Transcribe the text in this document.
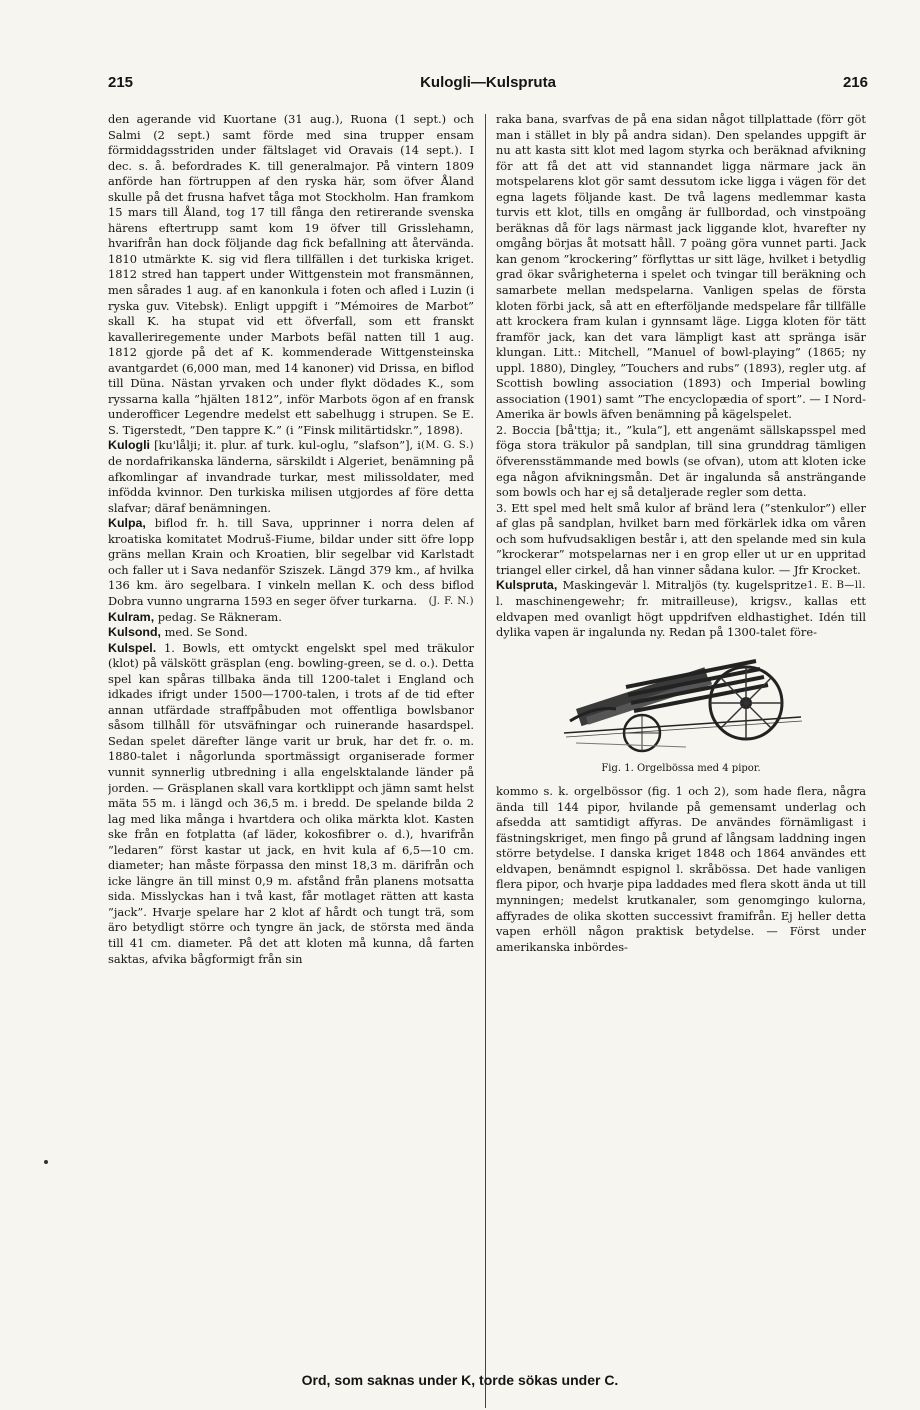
215	Kulogli—Kulspruta	216

den agerande vid Kuortane (31 aug.), Ruona (1 sept.) och Salmi (2 sept.) samt förde med sina trupper ensam förmiddagsstriden under fältslaget vid Oravais (14 sept.). I dec. s. å. befordrades K. till generalmajor. På vintern 1809 anförde han förtruppen af den ryska här, som öfver Åland skulle på det frusna hafvet tåga mot Stockholm. Han framkom 15 mars till Åland, tog 17 till fånga den retirerande svenska härens eftertrupp samt kom 19 öfver till Grisslehamn, hvarifrån han dock följande dag fick befallning att återvända. 1810 utmärkte K. sig vid flera tillfällen i det turkiska kriget. 1812 stred han tappert under Wittgenstein mot fransmännen, men sårades 1 aug. af en kanonkula i foten och afled i Luzin (i ryska guv. Vitebsk). Enligt uppgift i ”Mémoires de Marbot” skall K. ha stupat vid ett öfverfall, som ett franskt kavalleriregemente under Marbots befäl natten till 1 aug. 1812 gjorde på det af K. kommenderade Wittgensteinska avantgardet (6,000 man, med 14 kanoner) vid Drissa, en biflod till Düna. Nästan yrvaken och under flykt dödades K., som ryssarna kalla ”hjälten 1812”, inför Marbots ögon af en fransk underofficer Legendre medelst ett sabelhugg i strupen. Se E. S. Tigerstedt, ”Den tappre K.” (i ”Finsk militärtidskr.”, 1898).
(M. G. S.)

Kulogli [ku'lålji; it. plur. af turk. kul-oglu, ”slafson”], i de nordafrikanska länderna, särskildt i Algeriet, benämning på afkomlingar af invandrade turkar, mest milissoldater, med infödda kvinnor. Den turkiska milisen utgjordes af före detta slafvar; däraf benämningen.

Kulpa, biflod fr. h. till Sava, upprinner i norra delen af kroatiska komitatet Modruš-Fiume, bildar under sitt öfre lopp gräns mellan Krain och Kroatien, blir segelbar vid Karlstadt och faller ut i Sava nedanför Sziszek. Längd 379 km., af hvilka 136 km. äro segelbara. I vinkeln mellan K. och dess biflod Dobra vunno ungrarna 1593 en seger öfver turkarna. (J. F. N.)

Kulram, pedag. Se Räkneram.

Kulsond, med. Se Sond.

Kulspel. 1. Bowls, ett omtyckt engelskt spel med träkulor (klot) på välskött gräsplan (eng. bowling-green, se d. o.). Detta spel kan spåras tillbaka ända till 1200-talet i England och idkades ifrigt under 1500—1700-talen, i trots af de tid efter annan utfärdade straffpåbuden mot offentliga bowlsbanor såsom tillhåll för utsväfningar och ruinerande hasardspel. Sedan spelet därefter länge varit ur bruk, har det fr. o. m. 1880-talet i någorlunda sportmässigt organiserade former vunnit synnerlig utbredning i alla engelsktalande länder på jorden. — Gräsplanen skall vara kortklippt och jämn samt helst mäta 55 m. i längd och 36,5 m. i bredd. De spelande bilda 2 lag med lika många i hvartdera och olika märkta klot. Kasten ske från en fotplatta (af läder, kokosfibrer o. d.), hvarifrån ”ledaren” först kastar ut jack, en hvit kula af 6,5—10 cm. diameter; han måste förpassa den minst 18,3 m. därifrån och icke längre än till minst 0,9 m. afstånd från planens motsatta sida. Misslyckas han i två kast, får motlaget rätten att kasta ”jack”. Hvarje spelare har 2 klot af hårdt och tungt trä, som äro betydligt större och tyngre än jack, de största med ända till 41 cm. diameter. På det att kloten må kunna, då farten saktas, afvika bågformigt från sin

raka bana, svarfvas de på ena sidan något tillplattade (förr göt man i stället in bly på andra sidan). Den spelandes uppgift är nu att kasta sitt klot med lagom styrka och beräknad afvikning för att få det att vid stannandet ligga närmare jack än motspelarens klot gör samt dessutom icke ligga i vägen för det egna lagets följande kast. De två lagens medlemmar kasta turvis ett klot, tills en omgång är fullbordad, och vinstpoäng beräknas då för lags närmast jack liggande klot, hvarefter ny omgång börjas åt motsatt håll. 7 poäng göra vunnet parti. Jack kan genom ”krockering” förflyttas ur sitt läge, hvilket i betydlig grad ökar svårigheterna i spelet och tvingar till beräkning och samarbete mellan medspelarna. Vanligen spelas de första kloten förbi jack, så att en efterföljande medspelare får tillfälle att krockera fram kulan i gynnsamt läge. Ligga kloten för tätt framför jack, kan det vara lämpligt kast att spränga isär klungan. Litt.: Mitchell, ”Manuel of bowl-playing” (1865; ny uppl. 1880), Dingley, ”Touchers and rubs” (1893), regler utg. af Scottish bowling association (1893) och Imperial bowling association (1901) samt ”The encyclopædia of sport”. — I Nord-Amerika är bowls äfven benämning på kägelspelet.

2. Boccia [bå'ttja; it., ”kula”], ett angenämt sällskapsspel med föga stora träkulor på sandplan, till sina grunddrag tämligen öfverensstämmande med bowls (se ofvan), utom att kloten icke ega någon afvikningsmån. Det är ingalunda så ansträngande som bowls och har ej så detaljerade regler som detta.

3. Ett spel med helt små kulor af bränd lera (”stenkulor”) eller af glas på sandplan, hvilket barn med förkärlek idka om våren och som hufvudsakligen består i, att den spelande med sin kula ”krockerar” motspelarnas ner i en grop eller ut ur en uppritad triangel eller cirkel, då han vinner sådana kulor. — Jfr Krocket.
1. E. B—ll.

Kulspruta, Maskingevär l. Mitraljös (ty. kugelspritze l. maschinengewehr; fr. mitrailleuse), krigsv., kallas ett eldvapen med ovanligt högt uppdrifven eldhastighet. Idén till dylika vapen är ingalunda ny. Redan på 1300-talet före-

Fig. 1. Orgelbössa med 4 pipor.

kommo s. k. orgelbössor (fig. 1 och 2), som hade flera, några ända till 144 pipor, hvilande på gemensamt underlag och afsedda att samtidigt affyras. De användes förnämligast i fästningskriget, men fingo på grund af långsam laddning ingen större betydelse. I danska kriget 1848 och 1864 användes ett eldvapen, benämndt espignol l. skråbössa. Det hade vanligen flera pipor, och hvarje pipa laddades med flera skott ända ut till mynningen; medelst krutkanaler, som genomgingo kulorna, affyrades de olika skotten successivt framifrån. Ej heller detta vapen erhöll någon praktisk betydelse. — Först under amerikanska inbördes-

Ord, som saknas under K, torde sökas under C.
